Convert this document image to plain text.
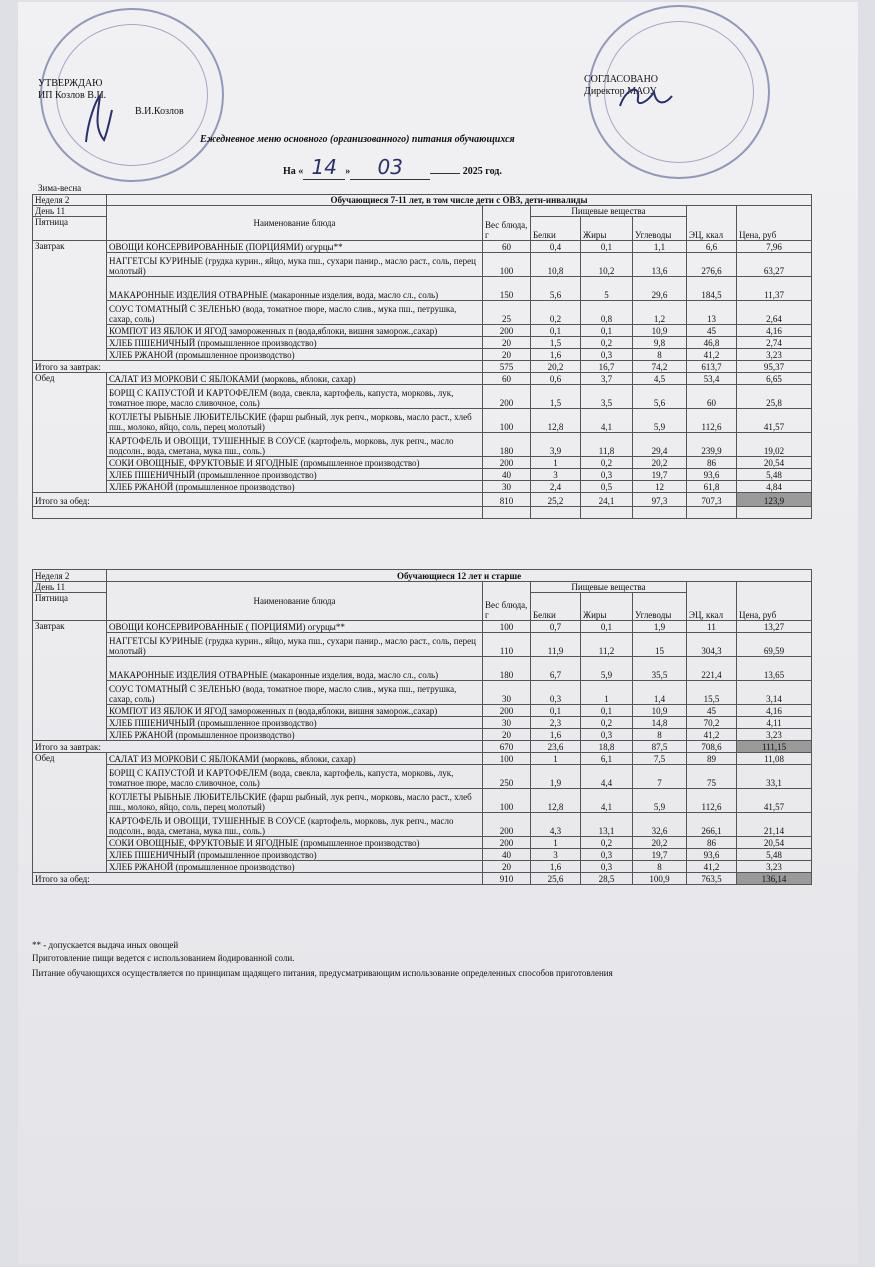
УТВЕРЖДАЮ
ИП Козлов В.И.
В.И.Козлов
СОГЛАСОВАНО
Директор МАОУ
Ежедневное меню основного (организованного) питания обучающихся
На « 14 » 03	2025 год.
Зима-весна
Неделя 2	Обучающиеся 7-11 лет, в том числе дети с ОВЗ, дети-инвалиды						
День 11	Наименование блюда	Вес блюда, г	Пищевые вещества			ЭЦ, ккал	Цена, руб
Пятница			Белки	Жиры	Углеводы		

Завтрак	ОВОЩИ КОНСЕРВИРОВАННЫЕ (ПОРЦИЯМИ) огурцы**	60	0,4	0,1	1,1	6,6	7,96
	НАГГЕТСЫ КУРИНЫЕ (грудка курин., яйцо, мука пш., сухари панир., масло раст., соль, перец молотый)	100	10,8	10,2	13,6	276,6	63,27
	МАКАРОННЫЕ ИЗДЕЛИЯ ОТВАРНЫЕ (макаронные изделия, вода, масло сл., соль)	150	5,6	5	29,6	184,5	11,37
	СОУС ТОМАТНЫЙ С ЗЕЛЕНЬЮ (вода, томатное пюре, масло слив., мука пш., петрушка, сахар, соль)	25	0,2	0,8	1,2	13	2,64
	КОМПОТ ИЗ ЯБЛОК И ЯГОД замороженных п (вода,яблоки, вишня заморож.,сахар)	200	0,1	0,1	10,9	45	4,16
	ХЛЕБ ПШЕНИЧНЫЙ (промышленное производство)	20	1,5	0,2	9,8	46,8	2,74
	ХЛЕБ РЖАНОЙ (промышленное производство)	20	1,6	0,3	8	41,2	3,23
Итого за завтрак:		575	20,2	16,7	74,2	613,7	95,37
Обед	САЛАТ ИЗ МОРКОВИ С ЯБЛОКАМИ (морковь, яблоки, сахар)	60	0,6	3,7	4,5	53,4	6,65
	БОРЩ С КАПУСТОЙ И КАРТОФЕЛЕМ (вода, свекла, картофель, капуста, морковь, лук, томатное пюре, масло сливочное, соль)	200	1,5	3,5	5,6	60	25,8
	КОТЛЕТЫ РЫБНЫЕ ЛЮБИТЕЛЬСКИЕ (фарш рыбный, лук репч., морковь, масло раст., хлеб пш., молоко, яйцо, соль, перец молотый)	100	12,8	4,1	5,9	112,6	41,57
	КАРТОФЕЛЬ И ОВОЩИ, ТУШЕННЫЕ В СОУСЕ (картофель, морковь, лук репч., масло подсолн., вода, сметана, мука пш., соль.)	180	3,9	11,8	29,4	239,9	19,02
	СОКИ ОВОЩНЫЕ, ФРУКТОВЫЕ И ЯГОДНЫЕ (промышленное производство)	200	1	0,2	20,2	86	20,54
	ХЛЕБ ПШЕНИЧНЫЙ (промышленное производство)	40	3	0,3	19,7	93,6	5,48
	ХЛЕБ РЖАНОЙ (промышленное производство)	30	2,4	0,5	12	61,8	4,84
Итого за обед:		810	25,2	24,1	97,3	707,3	123,9

Неделя 2	Обучающиеся 12 лет и старше						
День 11	Наименование блюда	Вес блюда, г	Пищевые вещества			ЭЦ, ккал	Цена, руб
Пятница			Белки	Жиры	Углеводы		

Завтрак	ОВОЩИ КОНСЕРВИРОВАННЫЕ ( ПОРЦИЯМИ) огурцы**	100	0,7	0,1	1,9	11	13,27
	НАГГЕТСЫ КУРИНЫЕ (грудка курин., яйцо, мука пш., сухари панир., масло раст., соль, перец молотый)	110	11,9	11,2	15	304,3	69,59
	МАКАРОННЫЕ ИЗДЕЛИЯ ОТВАРНЫЕ (макаронные изделия, вода, масло сл., соль)	180	6,7	5,9	35,5	221,4	13,65
	СОУС ТОМАТНЫЙ С ЗЕЛЕНЬЮ (вода, томатное пюре, масло слив., мука пш., петрушка, сахар, соль)	30	0,3	1	1,4	15,5	3,14
	КОМПОТ ИЗ ЯБЛОК И ЯГОД замороженных п (вода,яблоки, вишня заморож.,сахар)	200	0,1	0,1	10,9	45	4,16
	ХЛЕБ ПШЕНИЧНЫЙ (промышленное производство)	30	2,3	0,2	14,8	70,2	4,11
	ХЛЕБ РЖАНОЙ (промышленное производство)	20	1,6	0,3	8	41,2	3,23
Итого за завтрак:		670	23,6	18,8	87,5	708,6	111,15
Обед	САЛАТ ИЗ МОРКОВИ С ЯБЛОКАМИ (морковь, яблоки, сахар)	100	1	6,1	7,5	89	11,08
	БОРЩ С КАПУСТОЙ И КАРТОФЕЛЕМ (вода, свекла, картофель, капуста, морковь, лук, томатное пюре, масло сливочное, соль)	250	1,9	4,4	7	75	33,1
	КОТЛЕТЫ РЫБНЫЕ ЛЮБИТЕЛЬСКИЕ (фарш рыбный, лук репч., морковь, масло раст., хлеб пш., молоко, яйцо, соль, перец молотый)	100	12,8	4,1	5,9	112,6	41,57
	КАРТОФЕЛЬ И ОВОЩИ, ТУШЕННЫЕ В СОУСЕ (картофель, морковь, лук репч., масло подсолн., вода, сметана, мука пш., соль.)	200	4,3	13,1	32,6	266,1	21,14
	СОКИ ОВОЩНЫЕ, ФРУКТОВЫЕ И ЯГОДНЫЕ (промышленное производство)	200	1	0,2	20,2	86	20,54
	ХЛЕБ ПШЕНИЧНЫЙ (промышленное производство)	40	3	0,3	19,7	93,6	5,48
	ХЛЕБ РЖАНОЙ (промышленное производство)	20	1,6	0,3	8	41,2	3,23
Итого за обед:		910	25,6	28,5	100,9	763,5	136,14
** - допускается выдача иных овощей
Приготовление пищи ведется с использованием йодированной соли.
Питание обучающихся осуществляется по принципам щадящего питания, предусматривающим использование определенных способов приготовления
